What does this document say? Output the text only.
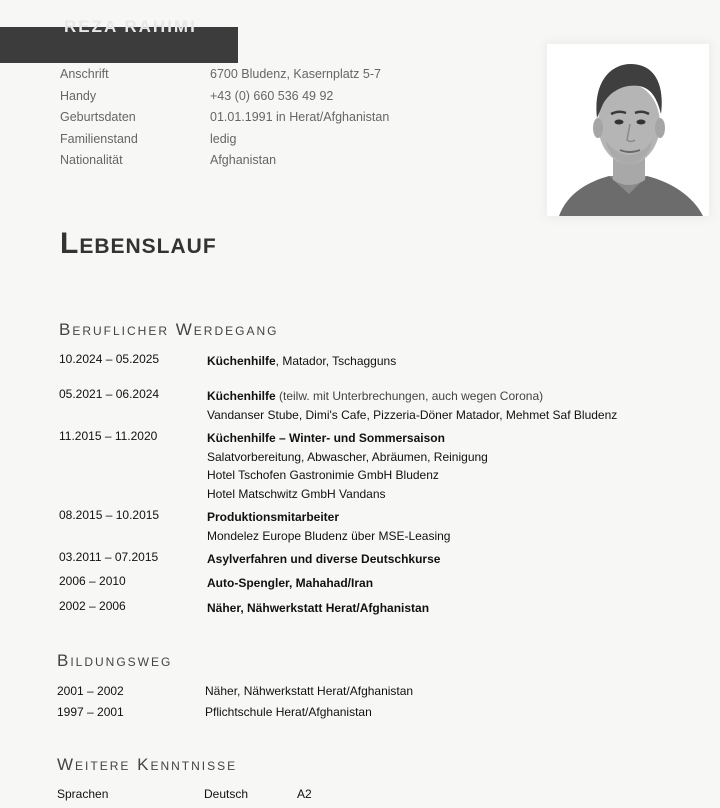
REZA RAHIMI
Anschrift	6700 Bludenz, Kasernplatz 5-7
Handy	+43 (0) 660 536 49 92
Geburtsdaten	01.01.1991 in Herat/Afghanistan
Familienstand	ledig
Nationalität	Afghanistan
Lebenslauf
Beruflicher Werdegang
10.2024 – 05.2025	Küchenhilfe, Matador, Tschagguns
05.2021 – 06.2024	Küchenhilfe (teilw. mit Unterbrechungen, auch wegen Corona)
Vandanser Stube, Dimi's Cafe, Pizzeria-Döner Matador, Mehmet Saf Bludenz
11.2015 – 11.2020	Küchenhilfe – Winter- und Sommersaison
Salatvorbereitung, Abwascher, Abräumen, Reinigung
Hotel Tschofen Gastronimie GmbH Bludenz
Hotel Matschwitz GmbH Vandans
08.2015 – 10.2015	Produktionsmitarbeiter
Mondelez Europe Bludenz über MSE-Leasing
03.2011 – 07.2015	Asylverfahren und diverse Deutschkurse
2006 – 2010	Auto-Spengler, Mahahad/Iran
2002 – 2006	Näher, Nähwerkstatt Herat/Afghanistan
Bildungsweg
2001 – 2002	Näher, Nähwerkstatt Herat/Afghanistan
1997 – 2001	Pflichtschule Herat/Afghanistan
Weitere Kenntnisse
Sprachen	Deutsch	A2
